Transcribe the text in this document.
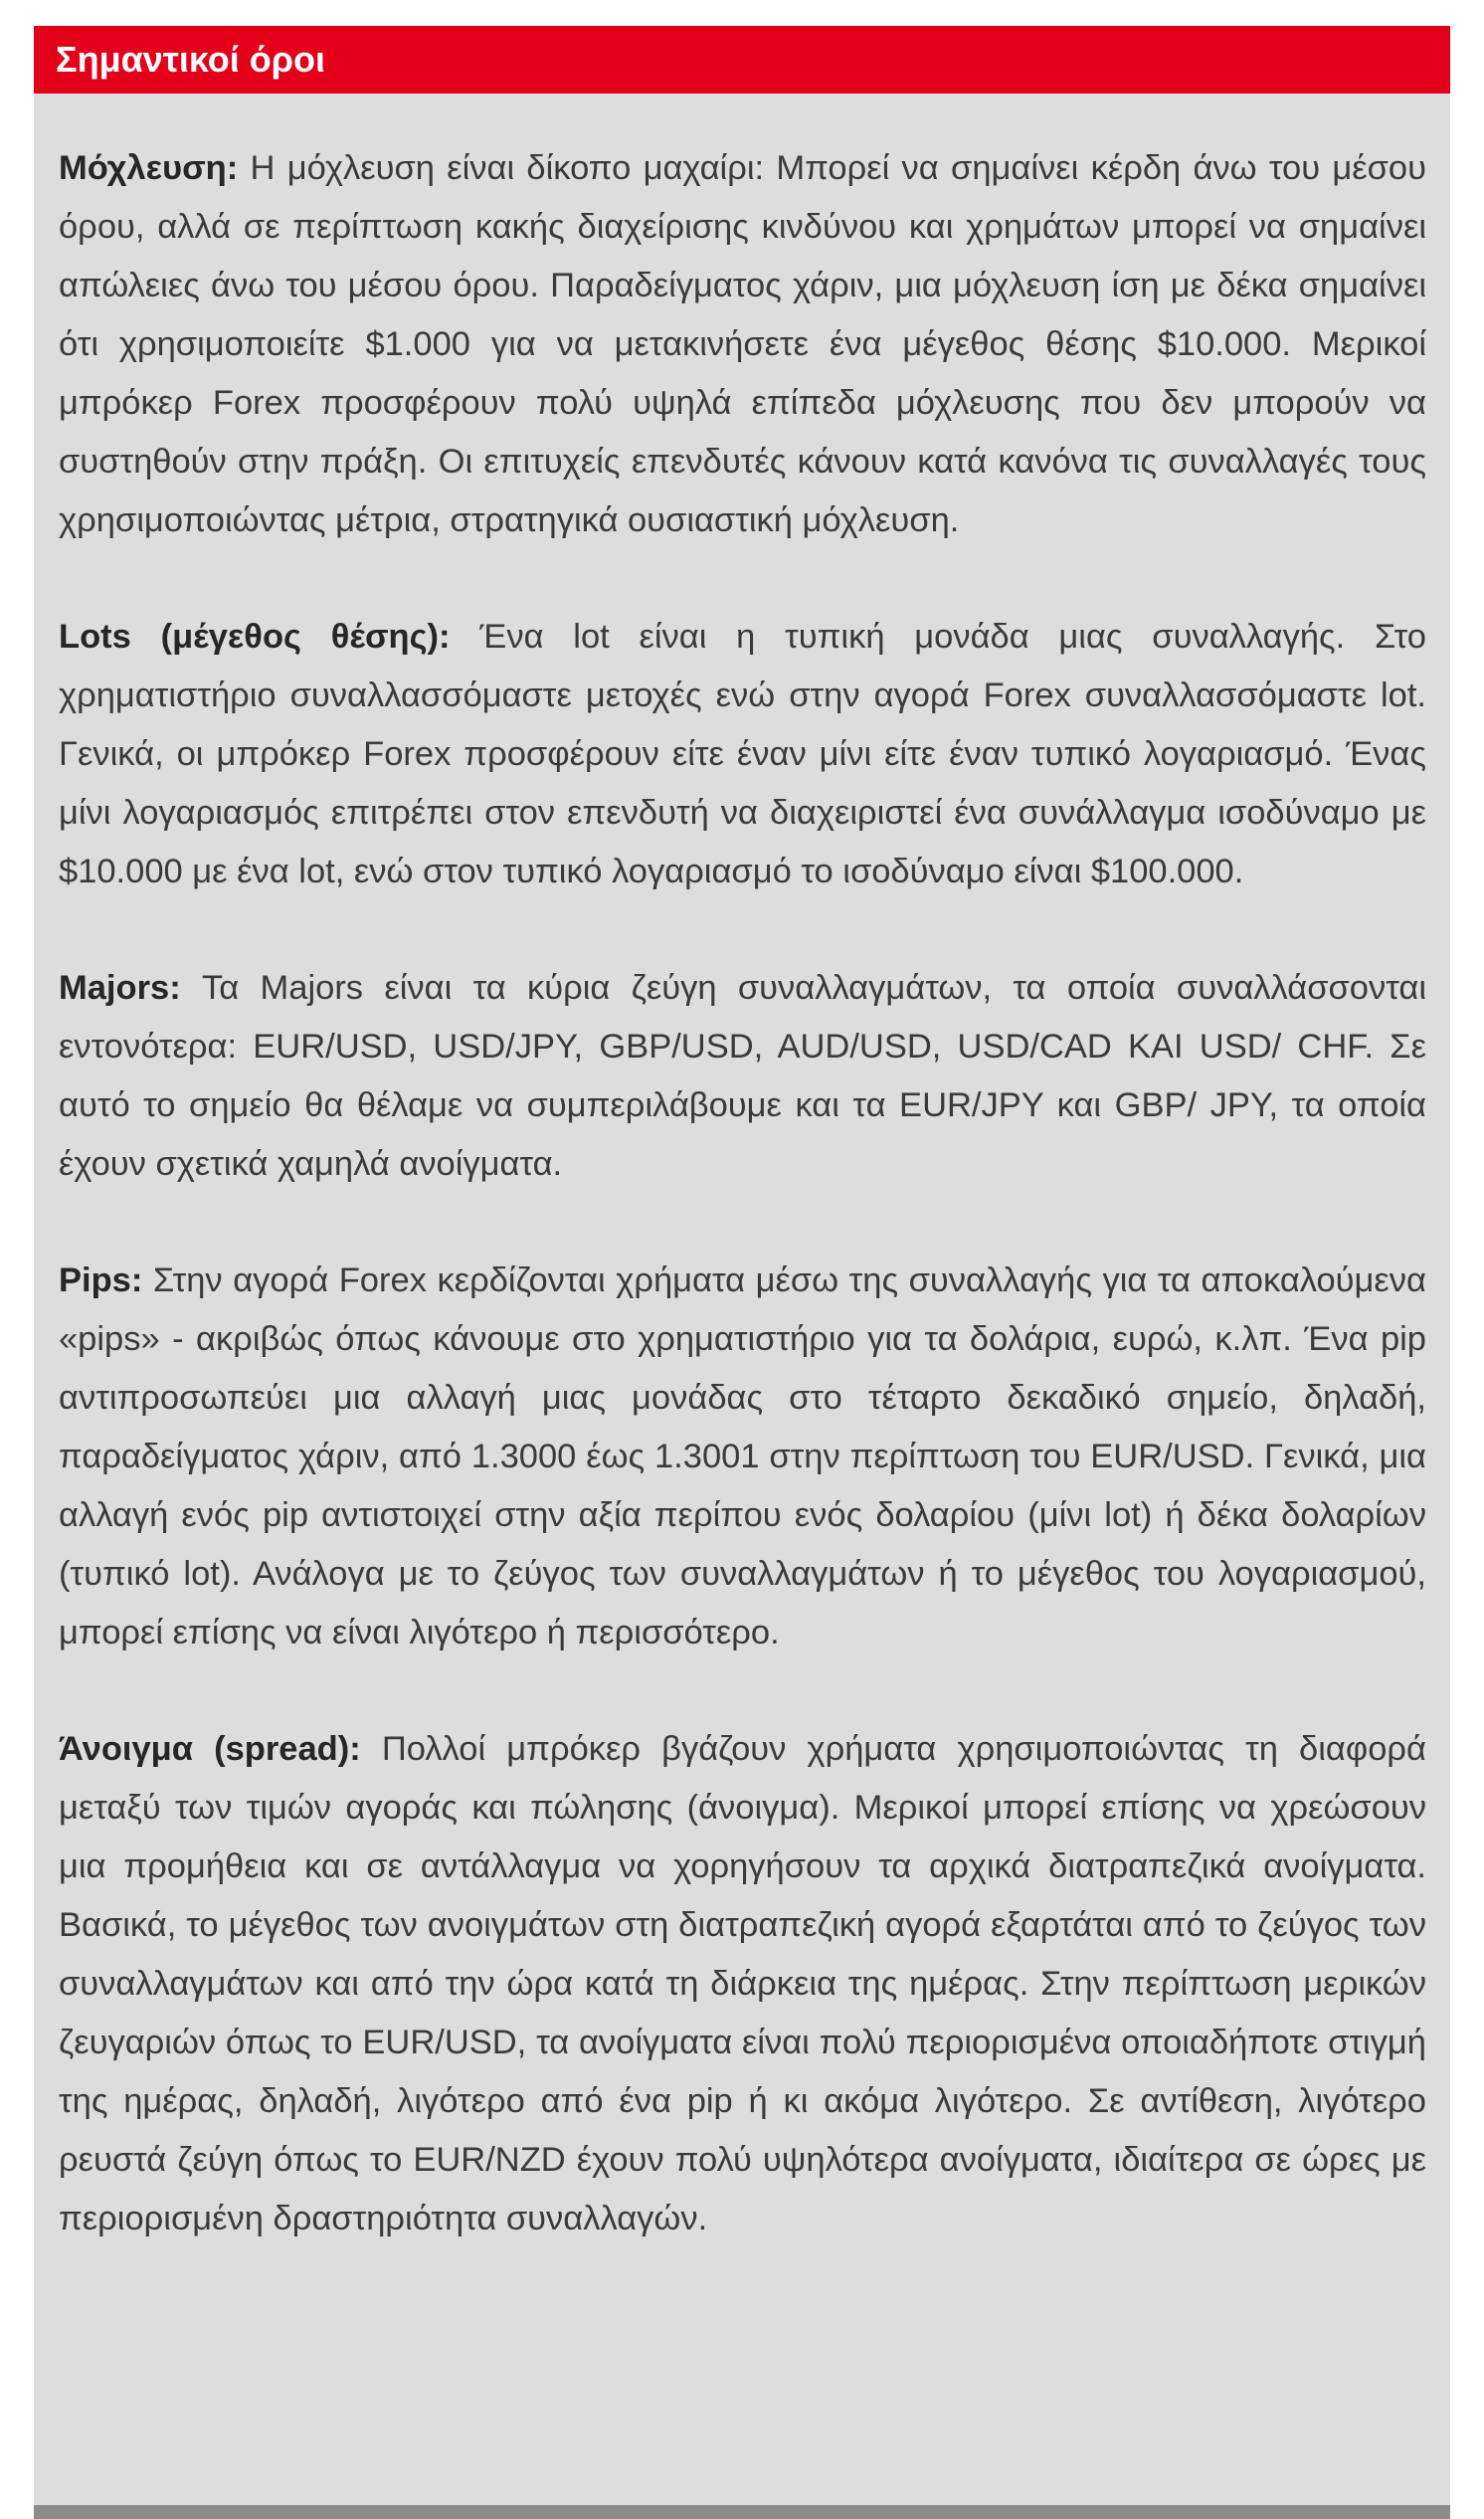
Σημαντικοί όροι

Μόχλευση: Η μόχλευση είναι δίκοπο μαχαίρι: Μπορεί να σημαίνει κέρδη άνω του μέσου όρου, αλλά σε περίπτωση κακής διαχείρισης κινδύνου και χρημάτων μπορεί να σημαίνει απώλειες άνω του μέσου όρου. Παραδείγματος χάριν, μια μόχλευση ίση με δέκα σημαίνει ότι χρησιμοποιείτε $1.000 για να μετακινήσετε ένα μέγεθος θέσης $10.000. Μερικοί μπρόκερ Forex προσφέρουν πολύ υψηλά επίπεδα μόχλευσης που δεν μπορούν να συστηθούν στην πράξη. Οι επιτυχείς επενδυτές κάνουν κατά κανόνα τις συναλλαγές τους χρησιμοποιώντας μέτρια, στρατηγικά ουσιαστική μόχλευση.

Lots (μέγεθος θέσης): Ένα lot είναι η τυπική μονάδα μιας συναλλαγής. Στο χρηματιστήριο συναλλασσόμαστε μετοχές ενώ στην αγορά Forex συναλλασσόμαστε lot. Γενικά, οι μπρόκερ Forex προσφέρουν είτε έναν μίνι είτε έναν τυπικό λογαριασμό. Ένας μίνι λογαριασμός επιτρέπει στον επενδυτή να διαχειριστεί ένα συνάλλαγμα ισοδύναμο με $10.000 με ένα lot, ενώ στον τυπικό λογαριασμό το ισοδύναμο είναι $100.000.

Majors: Τα Majors είναι τα κύρια ζεύγη συναλλαγμάτων, τα οποία συναλλάσσονται εντονότερα: EUR/USD, USD/JPY, GBP/USD, AUD/USD, USD/CAD ΚΑΙ USD/ CHF. Σε αυτό το σημείο θα θέλαμε να συμπεριλάβουμε και τα EUR/JPY και GBP/ JPY, τα οποία έχουν σχετικά χαμηλά ανοίγματα.

Pips: Στην αγορά Forex κερδίζονται χρήματα μέσω της συναλλαγής για τα αποκαλούμενα «pips» - ακριβώς όπως κάνουμε στο χρηματιστήριο για τα δολάρια, ευρώ, κ.λπ. Ένα pip αντιπροσωπεύει μια αλλαγή μιας μονάδας στο τέταρτο δεκαδικό σημείο, δηλαδή, παραδείγματος χάριν, από 1.3000 έως 1.3001 στην περίπτωση του EUR/USD. Γενικά, μια αλλαγή ενός pip αντιστοιχεί στην αξία περίπου ενός δολαρίου (μίνι lot) ή δέκα δολαρίων (τυπικό lot). Ανάλογα με το ζεύγος των συναλλαγμάτων ή το μέγεθος του λογαριασμού, μπορεί επίσης να είναι λιγότερο ή περισσότερο.

Άνοιγμα (spread): Πολλοί μπρόκερ βγάζουν χρήματα χρησιμοποιώντας τη διαφορά μεταξύ των τιμών αγοράς και πώλησης (άνοιγμα). Μερικοί μπορεί επίσης να χρεώσουν μια προμήθεια και σε αντάλλαγμα να χορηγήσουν τα αρχικά διατραπεζικά ανοίγματα. Βασικά, το μέγεθος των ανοιγμάτων στη διατραπεζική αγορά εξαρτάται από το ζεύγος των συναλλαγμάτων και από την ώρα κατά τη διάρκεια της ημέρας. Στην περίπτωση μερικών ζευγαριών όπως το EUR/USD, τα ανοίγματα είναι πολύ περιορισμένα οποιαδήποτε στιγμή της ημέρας, δηλαδή, λιγότερο από ένα pip ή κι ακόμα λιγότερο. Σε αντίθεση, λιγότερο ρευστά ζεύγη όπως το EUR/NZD έχουν πολύ υψηλότερα ανοίγματα, ιδιαίτερα σε ώρες με περιορισμένη δραστηριότητα συναλλαγών.
